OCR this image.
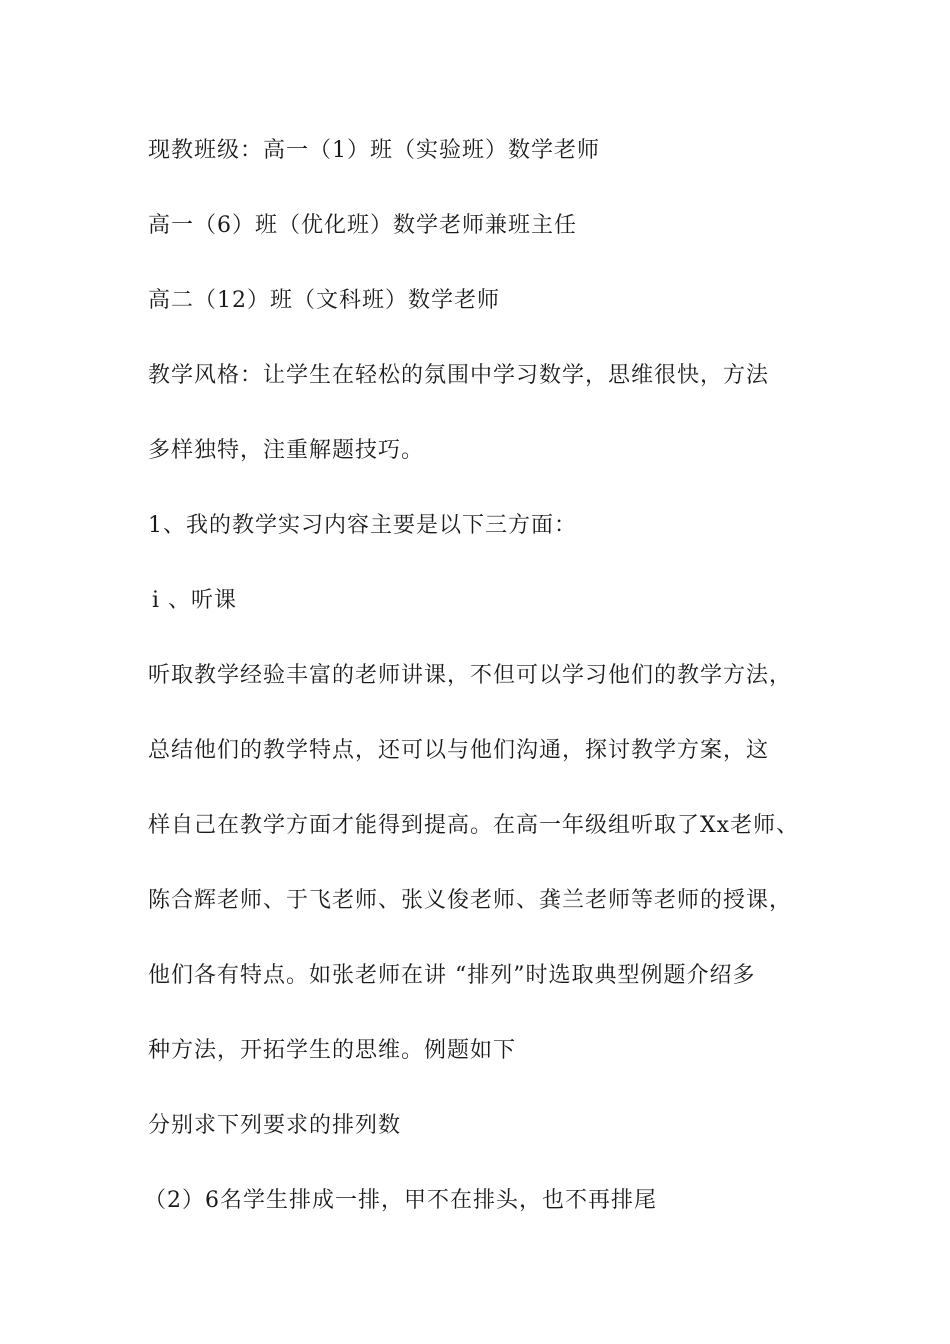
现教班级：高一（1）班（实验班）数学老师
高一（6）班（优化班）数学老师兼班主任
高二（12）班（文科班）数学老师
教学风格：让学生在轻松的氛围中学习数学，思维很快，方法
多样独特，注重解题技巧。
1、我的教学实习内容主要是以下三方面：
i 、听课
听取教学经验丰富的老师讲课，不但可以学习他们的教学方法，
总结他们的教学特点，还可以与他们沟通，探讨教学方案，这
样自己在教学方面才能得到提高。在高一年级组听取了Xx老师、
陈合辉老师、于飞老师、张义俊老师、龚兰老师等老师的授课，
他们各有特点。如张老师在讲 “排列”时选取典型例题介绍多
种方法，开拓学生的思维。例题如下
分别求下列要求的排列数
（2）6名学生排成一排，甲不在排头，也不再排尾
